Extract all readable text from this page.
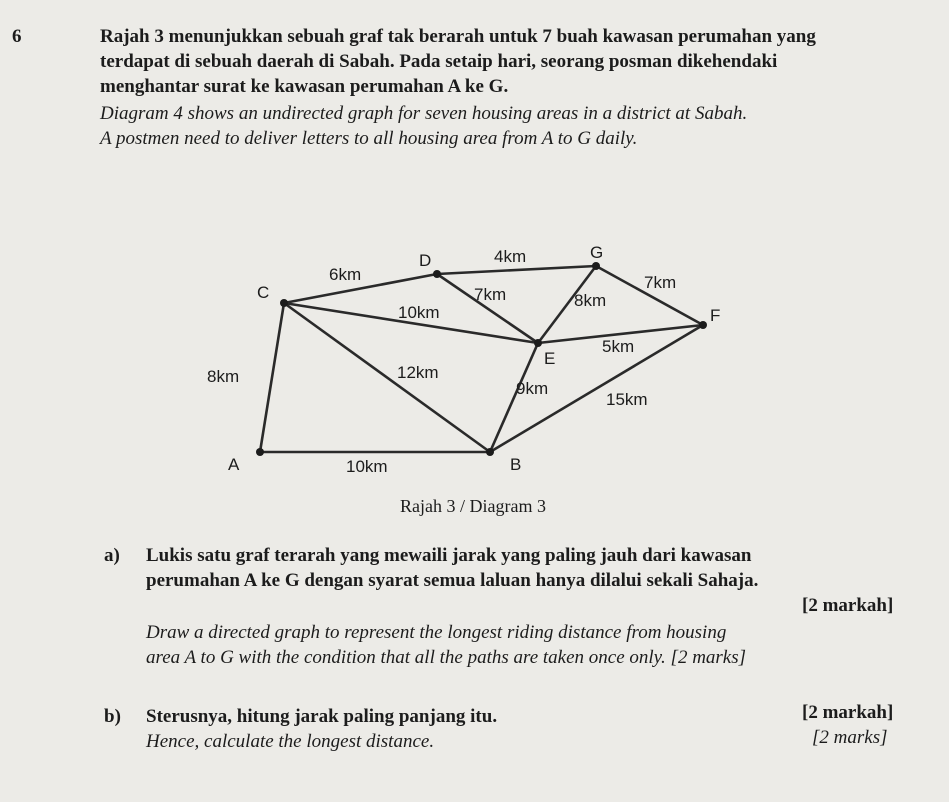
6	Rajah 3 menunjukkan sebuah graf tak berarah untuk 7 buah kawasan perumahan yang
terdapat di sebuah daerah di Sabah. Pada setaip hari, seorang posman dikehendaki
menghantar surat ke kawasan perumahan A ke G.
Diagram 4 shows an undirected graph for seven housing areas in a district at Sabah.
A postmen need to deliver letters to all housing area from A to G daily.
A	B
C
D
E
F
G
8km
10km
6km
10km
12km
4km
7km	8km
7km
5km
9km
15km
Rajah 3 / Diagram 3
a) Lukis satu graf terarah yang mewaili jarak yang paling jauh dari kawasan
perumahan A ke G dengan syarat semua laluan hanya dilalui sekali Sahaja.
[2 markah]
Draw a directed graph to represent the longest riding distance from housing
area A to G with the condition that all the paths are taken once only. [2 marks]
b) Sterusnya, hitung jarak paling panjang itu.	[2 markah]
Hence, calculate the longest distance.	[2 marks]
